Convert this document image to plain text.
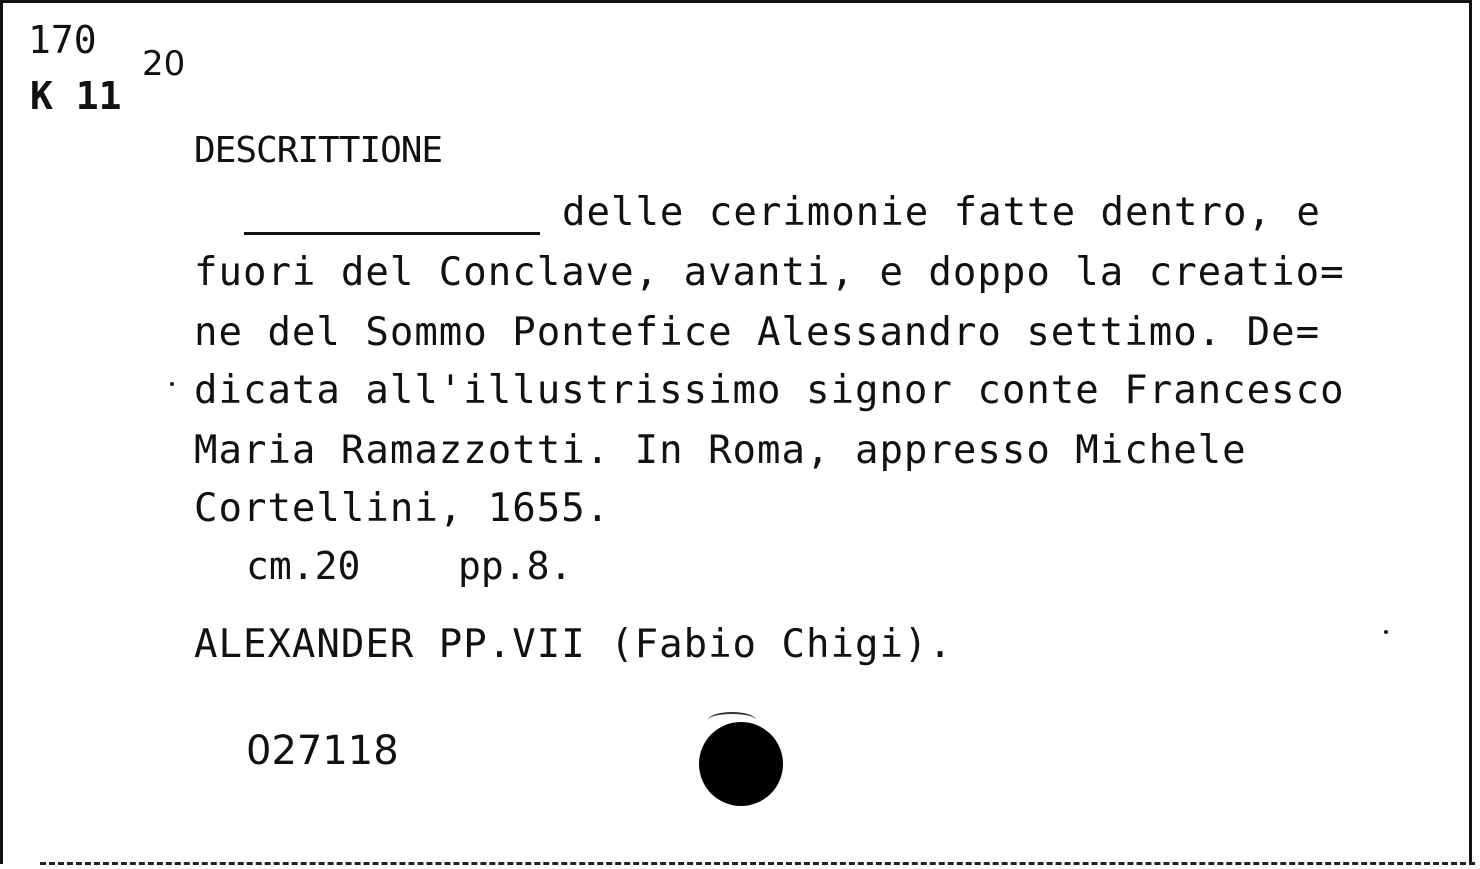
170
K 11
20
DESCRITTIONE
delle cerimonie fatte dentro, e
fuori del Conclave, avanti, e doppo la creatio=
ne del Sommo Pontefice Alessandro settimo. De=
dicata all'illustrissimo signor conte Francesco
Maria Ramazzotti. In Roma, appresso Michele
Cortellini, 1655.
cm.20	pp.8.
ALEXANDER PP.VII (Fabio Chigi).
027118
